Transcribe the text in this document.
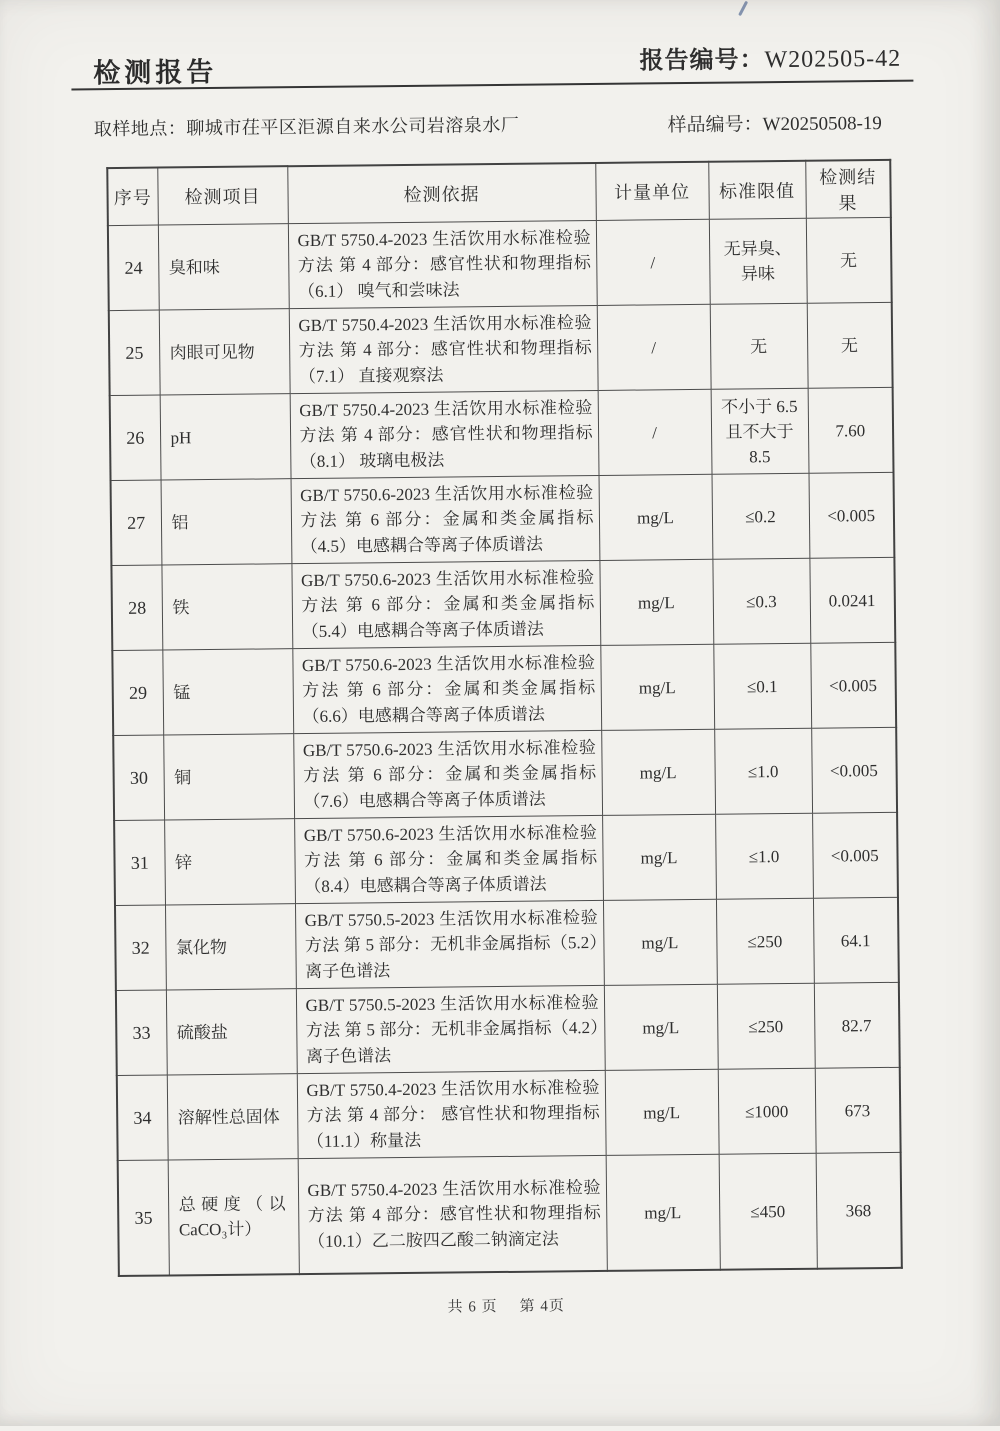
检测报告	报告编号：W202505-42
取样地点：聊城市茌平区洰源自来水公司岩溶泉水厂	样品编号：W20250508-19
序号	检测项目	检测依据	计量单位	标准限值	检测结果
24	臭和味	GB/T 5750.4-2023 生活饮用水标准检验方法 第 4 部分：感官性状和物理指标（6.1） 嗅气和尝味法	/	无异臭、异味	无
25	肉眼可见物	GB/T 5750.4-2023 生活饮用水标准检验方法 第 4 部分：感官性状和物理指标（7.1） 直接观察法	/	无	无
26	pH	GB/T 5750.4-2023 生活饮用水标准检验方法 第 4 部分：感官性状和物理指标（8.1） 玻璃电极法	/	不小于 6.5 且不大于 8.5	7.60
27	铝	GB/T 5750.6-2023 生活饮用水标准检验方法 第 6 部分：金属和类金属指标（4.5）电感耦合等离子体质谱法	mg/L	≤0.2	<0.005
28	铁	GB/T 5750.6-2023 生活饮用水标准检验方法 第 6 部分：金属和类金属指标（5.4）电感耦合等离子体质谱法	mg/L	≤0.3	0.0241
29	锰	GB/T 5750.6-2023 生活饮用水标准检验方法 第 6 部分：金属和类金属指标（6.6）电感耦合等离子体质谱法	mg/L	≤0.1	<0.005
30	铜	GB/T 5750.6-2023 生活饮用水标准检验方法 第 6 部分：金属和类金属指标（7.6）电感耦合等离子体质谱法	mg/L	≤1.0	<0.005
31	锌	GB/T 5750.6-2023 生活饮用水标准检验方法 第 6 部分：金属和类金属指标（8.4）电感耦合等离子体质谱法	mg/L	≤1.0	<0.005
32	氯化物	GB/T 5750.5-2023 生活饮用水标准检验方法 第 5 部分：无机非金属指标（5.2）离子色谱法	mg/L	≤250	64.1
33	硫酸盐	GB/T 5750.5-2023 生活饮用水标准检验方法 第 5 部分：无机非金属指标（4.2）离子色谱法	mg/L	≤250	82.7
34	溶解性总固体	GB/T 5750.4-2023 生活饮用水标准检验方法 第 4 部分： 感官性状和物理指标（11.1）称量法	mg/L	≤1000	673
35	总硬度（以CaCO₃计）	GB/T 5750.4-2023 生活饮用水标准检验方法 第 4 部分：感官性状和物理指标 （10.1）乙二胺四乙酸二钠滴定法	mg/L	≤450	368
共 6 页 第 4页
